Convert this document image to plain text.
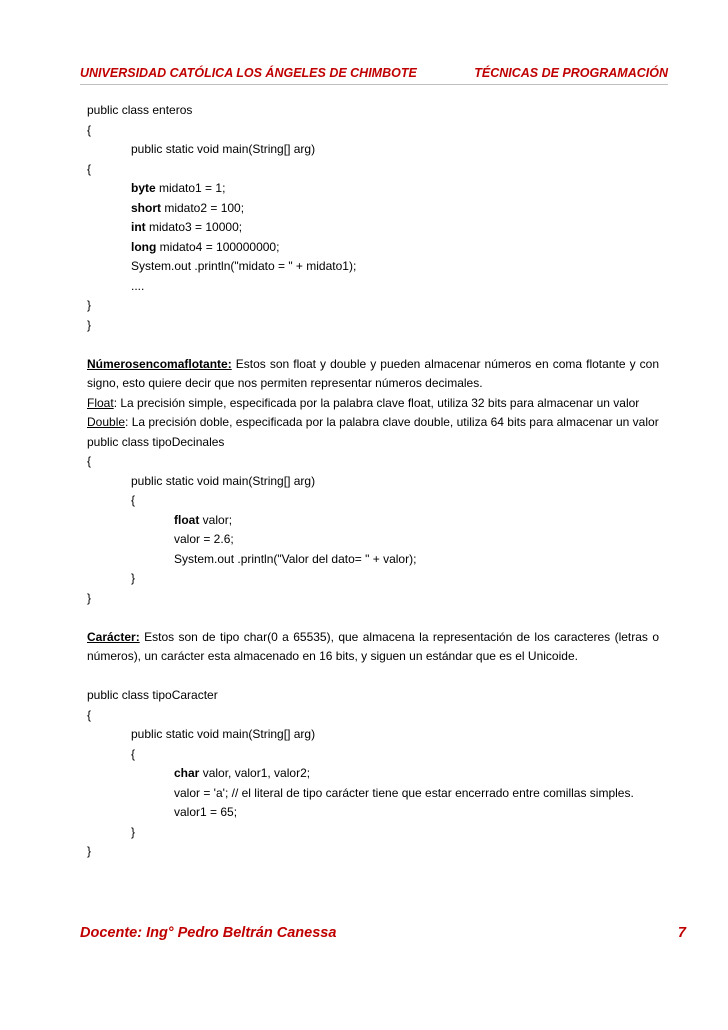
UNIVERSIDAD CATÓLICA LOS ÁNGELES DE CHIMBOTE	TÉCNICAS DE PROGRAMACIÓN
public class enteros
{
public static void main(String[] arg)
{
byte midato1 = 1;
short midato2 = 100;
int midato3 = 10000;
long midato4 = 100000000;
System.out .println("midato = " + midato1);
....
}
}
Númerosencomaflotante: Estos son float y double y pueden almacenar números en coma flotante y con signo, esto quiere decir que nos permiten representar números decimales.
Float: La precisión simple, especificada por la palabra clave float, utiliza 32 bits para almacenar un valor
Double: La precisión doble, especificada por la palabra clave double, utiliza 64 bits para almacenar un valor
public class tipoDecinales
{
public static void main(String[] arg)
{
float valor;
valor = 2.6;
System.out .println("Valor del dato= " + valor);
}
}
Carácter: Estos son de tipo char(0 a 65535), que almacena la representación de los caracteres (letras o números), un carácter esta almacenado en 16 bits, y siguen un estándar que es el Unicoide.
public class tipoCaracter
{
public static void main(String[] arg)
{
char valor, valor1, valor2;
valor = 'a'; // el literal de tipo carácter tiene que estar encerrado entre comillas simples.
valor1 = 65;
}
}
Docente: Ing° Pedro Beltrán Canessa	7
